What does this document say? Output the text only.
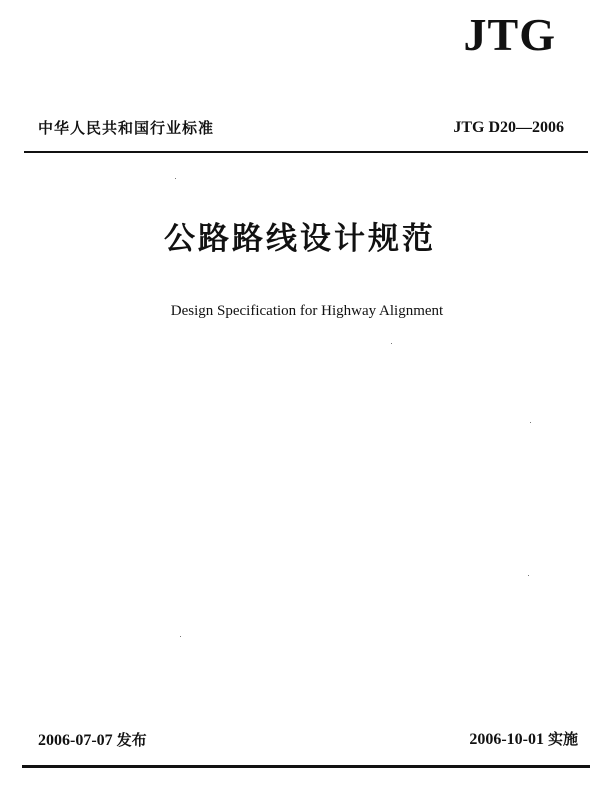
JTG
中华人民共和国行业标准	JTG D20—2006
公路路线设计规范
Design Specification for Highway Alignment
2006-07-07 发布	2006-10-01 实施
